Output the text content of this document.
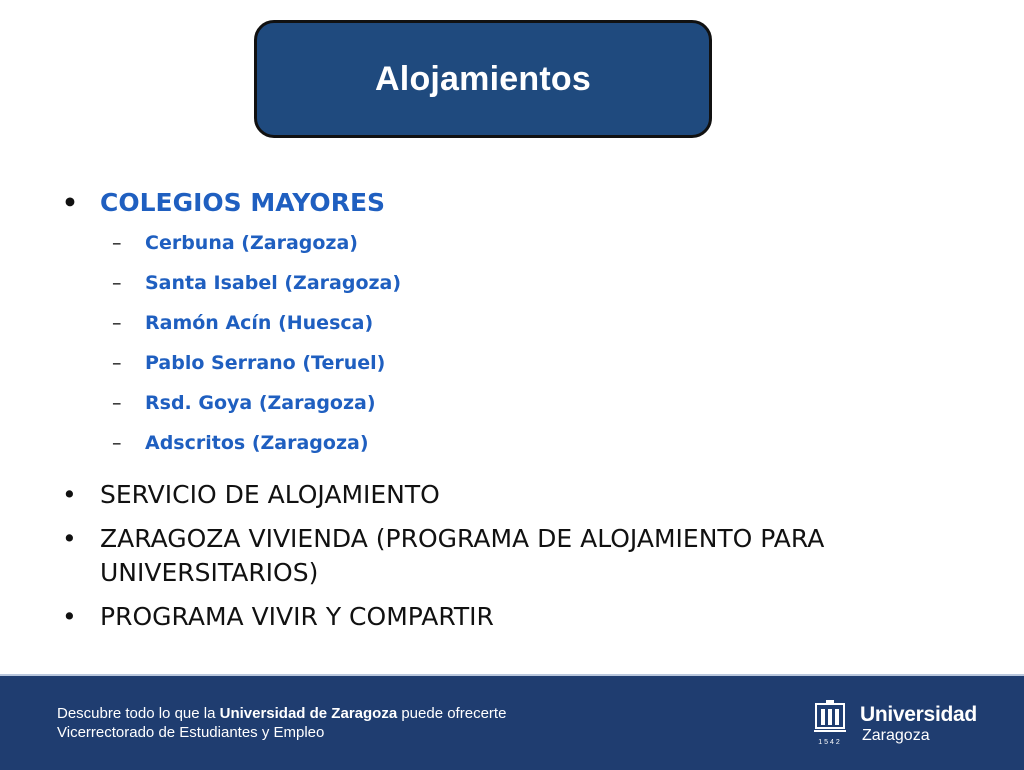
Alojamientos
• COLEGIOS MAYORES
– Cerbuna (Zaragoza)
– Santa Isabel (Zaragoza)
– Ramón Acín (Huesca)
– Pablo Serrano (Teruel)
– Rsd. Goya (Zaragoza)
– Adscritos (Zaragoza)
• SERVICIO DE ALOJAMIENTO
• ZARAGOZA VIVIENDA (PROGRAMA DE ALOJAMIENTO PARA UNIVERSITARIOS)
• PROGRAMA VIVIR Y COMPARTIR
Descubre todo lo que la Universidad de Zaragoza puede ofrecerte
Vicerrectorado de Estudiantes y Empleo
1542
Universidad
Zaragoza
